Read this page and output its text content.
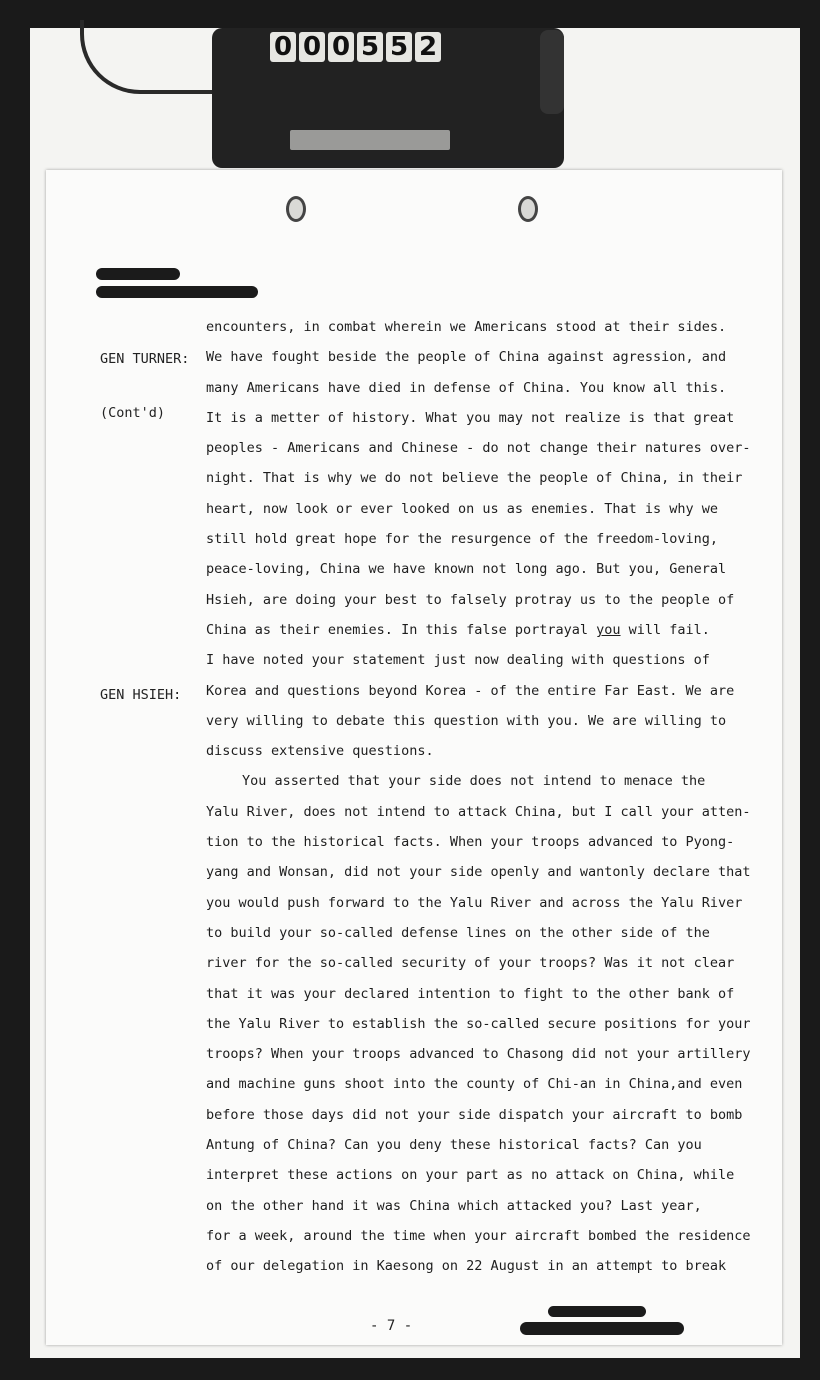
0 0 0 5 5 2

GEN TURNER:

(Cont'd)

GEN HSIEH:

encounters, in combat wherein we Americans stood at their sides.
We have fought beside the people of China against agression, and
many Americans have died in defense of China. You know all this.
It is a metter of history. What you may not realize is that great
peoples - Americans and Chinese - do not change their natures over-
night. That is why we do not believe the people of China, in their
heart, now look or ever looked on us as enemies. That is why we
still hold great hope for the resurgence of the freedom-loving,
peace-loving, China we have known not long ago. But you, General
Hsieh, are doing your best to falsely protray us to the people of
China as their enemies. In this false portrayal you will fail.
I have noted your statement just now dealing with questions of
Korea and questions beyond Korea - of the entire Far East. We are
very willing to debate this question with you. We are willing to
discuss extensive questions.
You asserted that your side does not intend to menace the
Yalu River, does not intend to attack China, but I call your atten-
tion to the historical facts. When your troops advanced to Pyong-
yang and Wonsan, did not your side openly and wantonly declare that
you would push forward to the Yalu River and across the Yalu River
to build your so-called defense lines on the other side of the
river for the so-called security of your troops? Was it not clear
that it was your declared intention to fight to the other bank of
the Yalu River to establish the so-called secure positions for your
troops? When your troops advanced to Chasong did not your artillery
and machine guns shoot into the county of Chi-an in China,and even
before those days did not your side dispatch your aircraft to bomb
Antung of China? Can you deny these historical facts? Can you
interpret these actions on your part as no attack on China, while
on the other hand it was China which attacked you? Last year,
for a week, around the time when your aircraft bombed the residence
of our delegation in Kaesong on 22 August in an attempt to break
- 7 -
